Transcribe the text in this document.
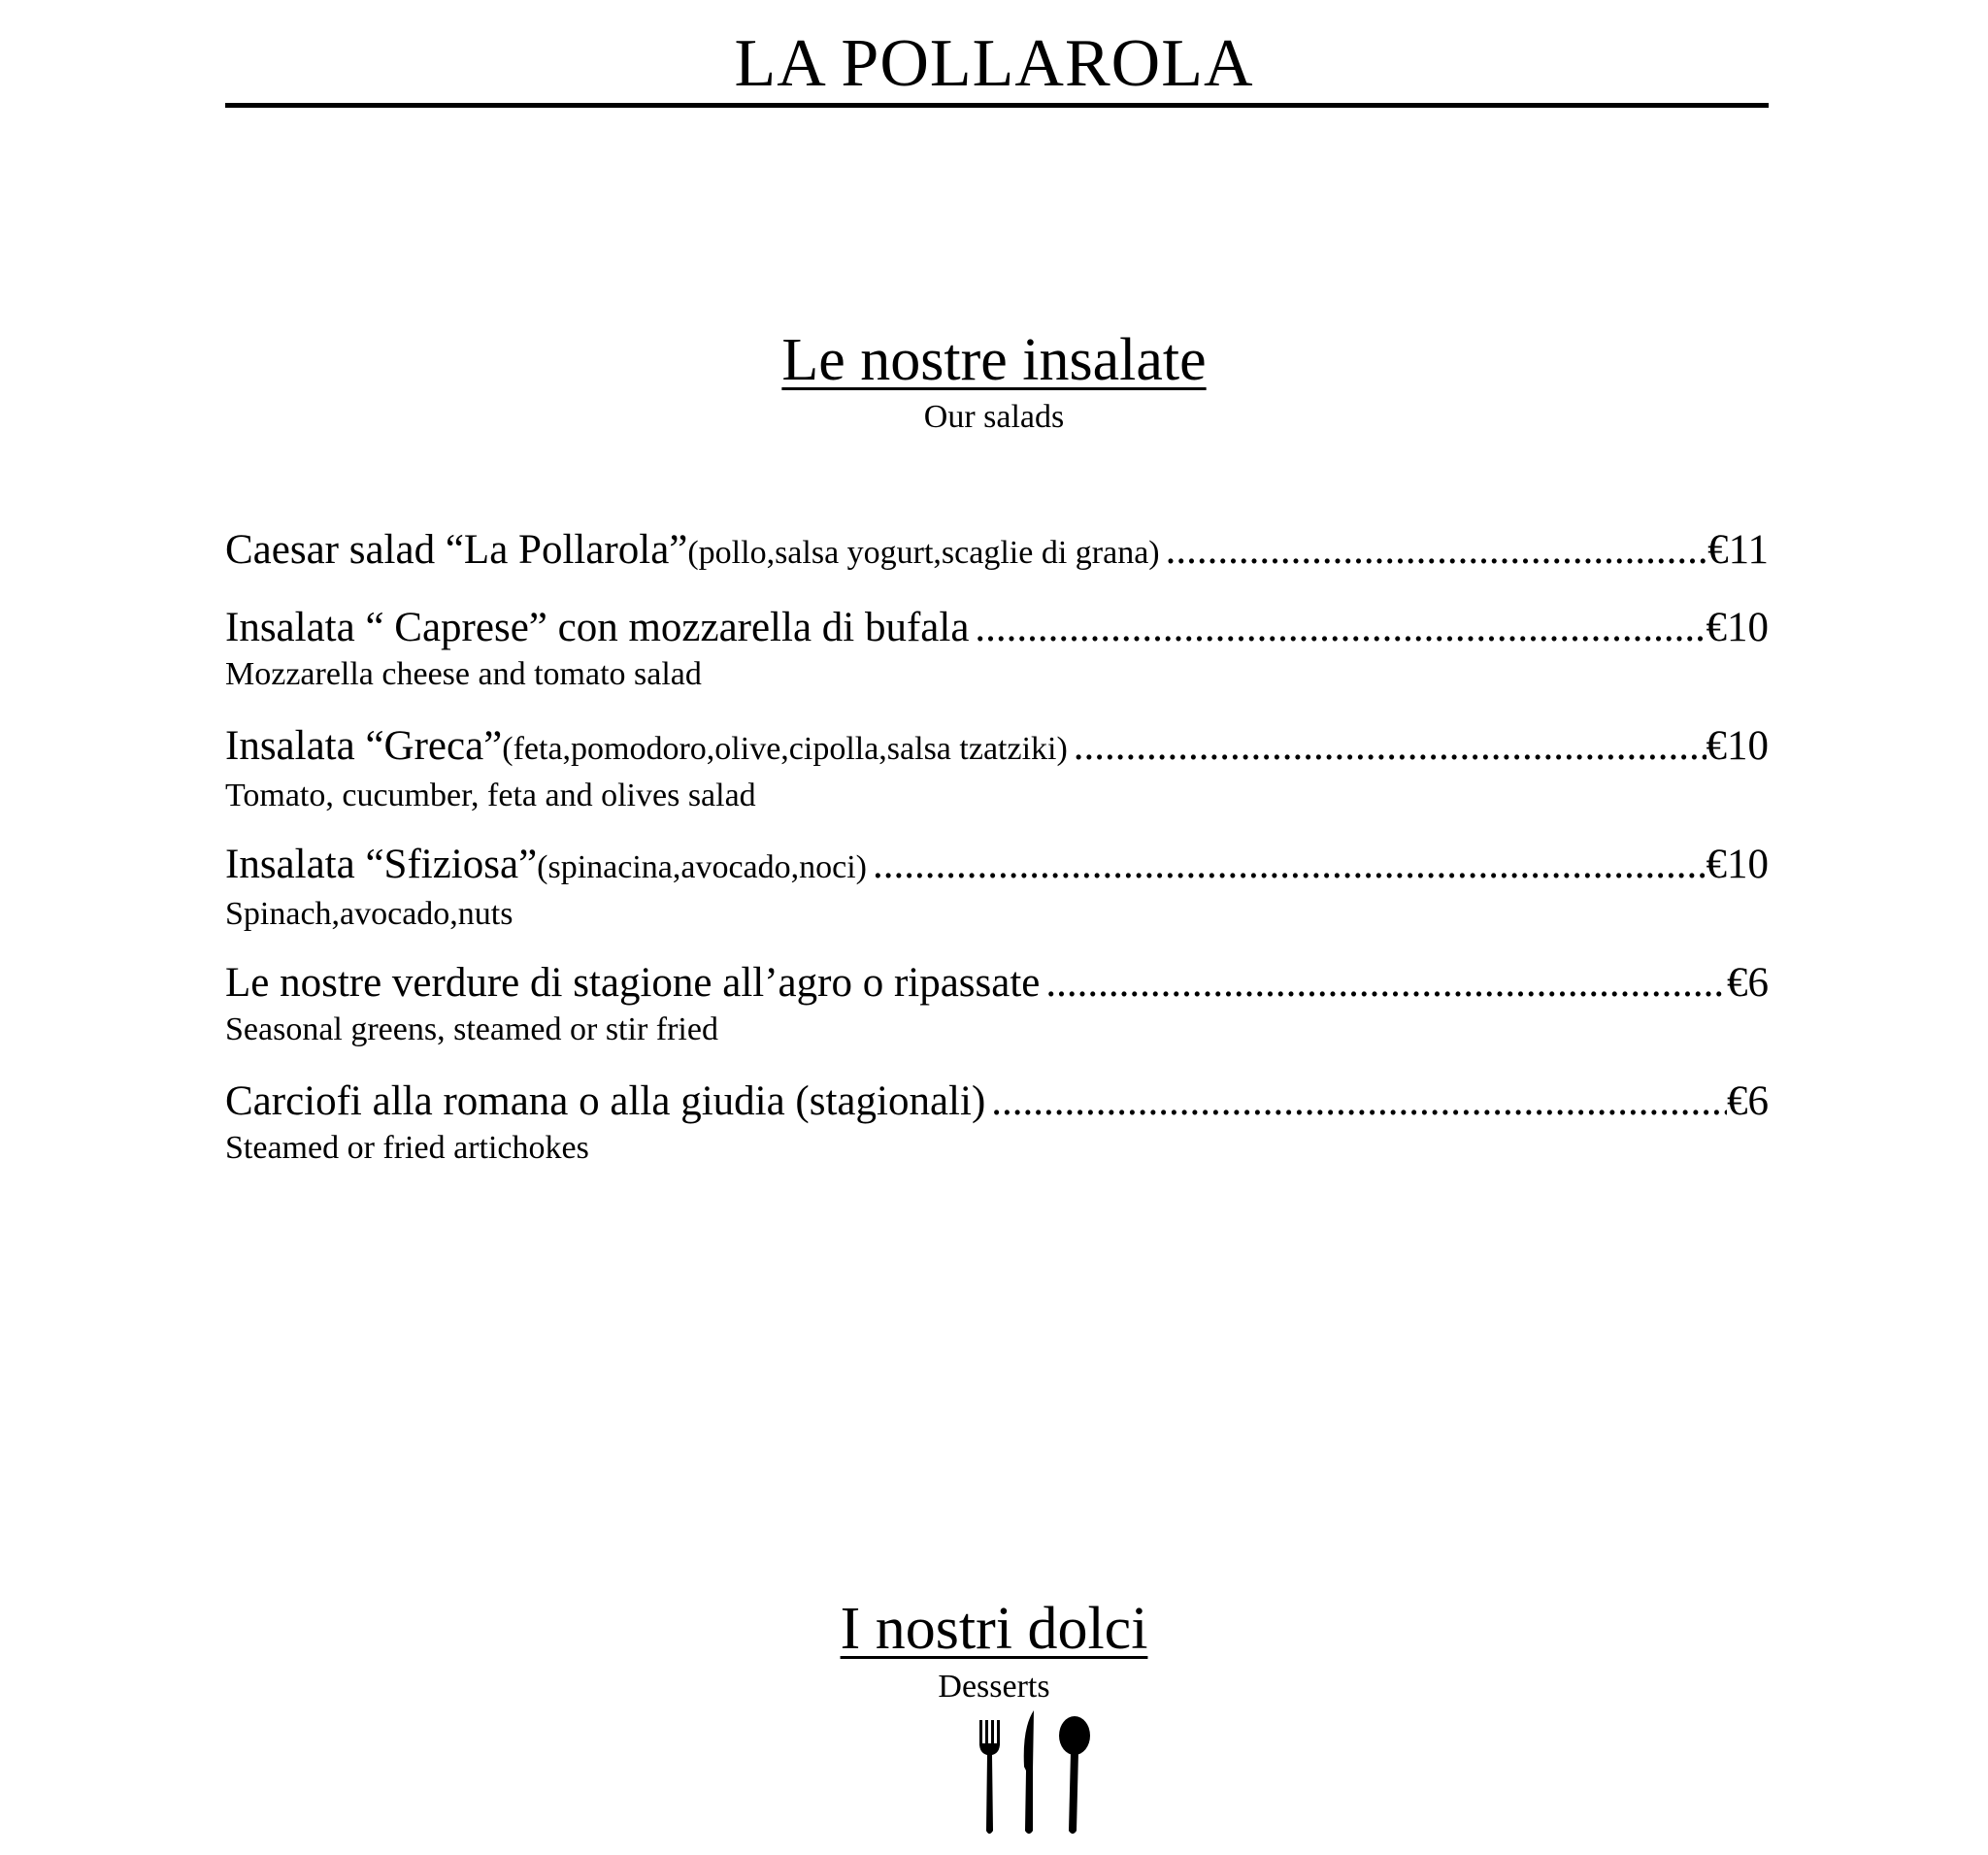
LA POLLAROLA
Le nostre insalate
Our salads
Caesar salad “La Pollarola” (pollo,salsa yogurt,scaglie di grana) .....	€11
Insalata “ Caprese” con mozzarella di bufala .....	€10
Mozzarella cheese and tomato salad
Insalata “Greca” (feta,pomodoro,olive,cipolla,salsa tzatziki) .....	€10
Tomato, cucumber, feta and olives salad
Insalata “Sfiziosa” (spinacina,avocado,noci) .....	€10
Spinach,avocado,nuts
Le nostre verdure di stagione all’agro o ripassate .....	€6
Seasonal greens, steamed or stir fried
Carciofi alla romana o alla giudia (stagionali) .....	€6
Steamed or fried artichokes
I nostri dolci
Desserts
